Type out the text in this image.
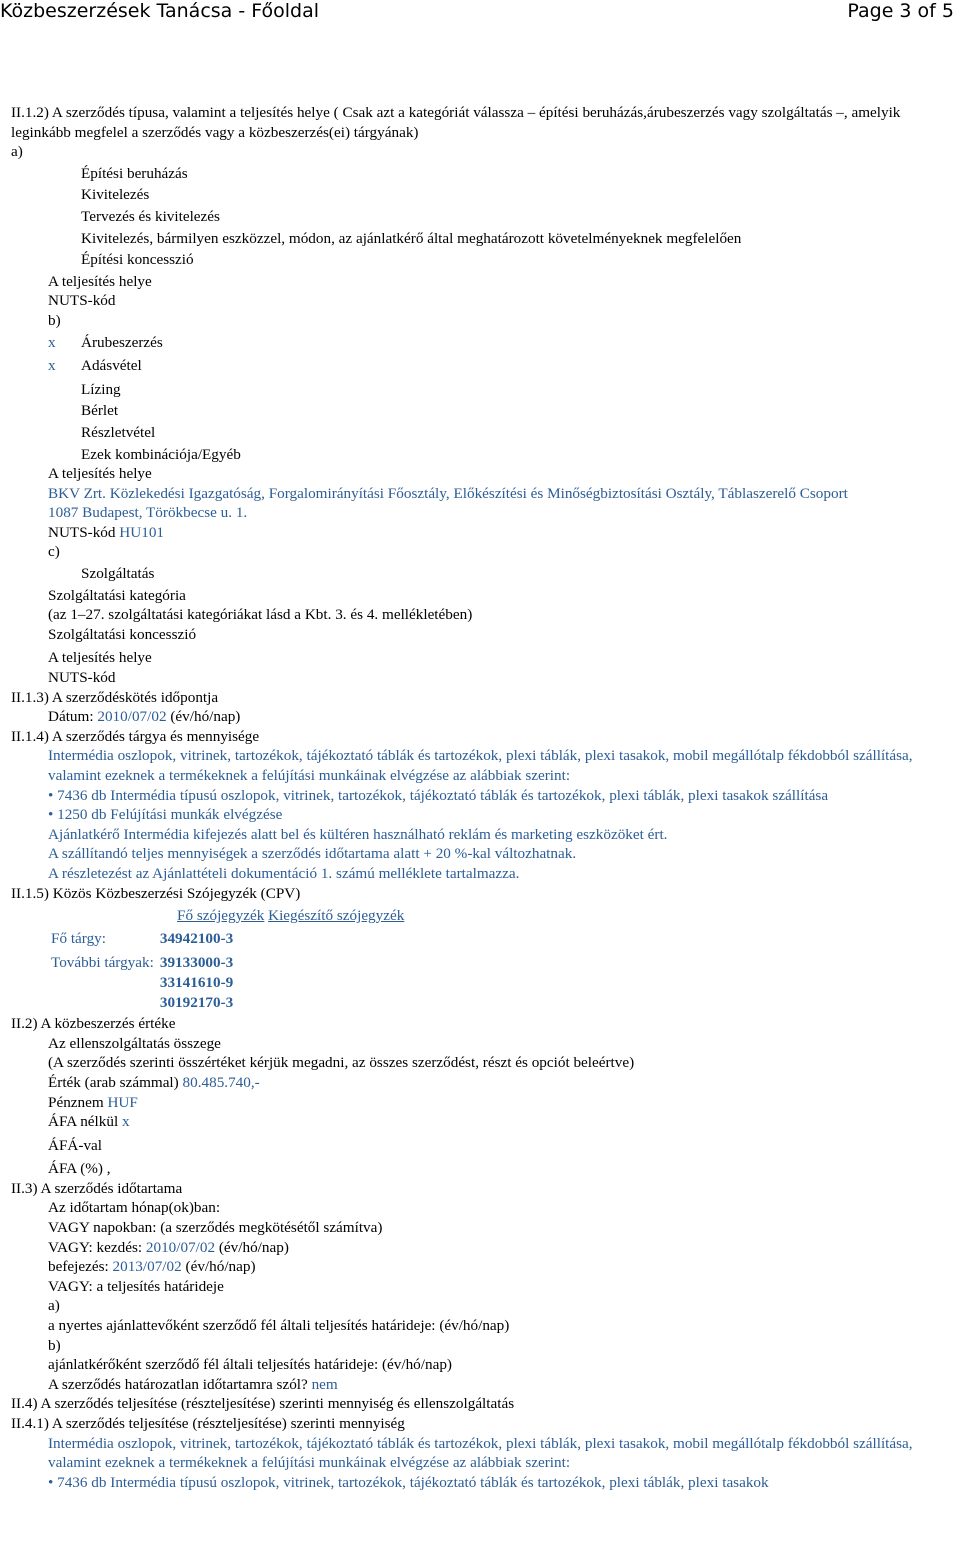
Közbeszerzések Tanácsa - Főoldal	Page 3 of 5
II.1.2) A szerződés típusa, valamint a teljesítés helye ( Csak azt a kategóriát válassza – építési beruházás,árubeszerzés vagy szolgáltatás –, amelyik leginkább megfelel a szerződés vagy a közbeszerzés(ei) tárgyának)
a)
Építési beruházás
Kivitelezés
Tervezés és kivitelezés
Kivitelezés, bármilyen eszközzel, módon, az ajánlatkérő által meghatározott követelményeknek megfelelően
Építési koncesszió
A teljesítés helye
NUTS-kód
b)
x Árubeszerzés
x Adásvétel
Lízing
Bérlet
Részletvétel
Ezek kombinációja/Egyéb
A teljesítés helye
BKV Zrt. Közlekedési Igazgatóság, Forgalomirányítási Főosztály, Előkészítési és Minőségbiztosítási Osztály, Táblaszerelő Csoport
1087 Budapest, Törökbecse u. 1.
NUTS-kód HU101
c)
Szolgáltatás
Szolgáltatási kategória
(az 1–27. szolgáltatási kategóriákat lásd a Kbt. 3. és 4. mellékletében)
Szolgáltatási koncesszió
A teljesítés helye
NUTS-kód
II.1.3) A szerződéskötés időpontja
Dátum: 2010/07/02 (év/hó/nap)
II.1.4) A szerződés tárgya és mennyisége
Intermédia oszlopok, vitrinek, tartozékok, tájékoztató táblák és tartozékok, plexi táblák, plexi tasakok, mobil megállótalp fékdobból szállítása, valamint ezeknek a termékeknek a felújítási munkáinak elvégzése az alábbiak szerint:
• 7436 db Intermédia típusú oszlopok, vitrinek, tartozékok, tájékoztató táblák és tartozékok, plexi táblák, plexi tasakok szállítása
• 1250 db Felújítási munkák elvégzése
Ajánlatkérő Intermédia kifejezés alatt bel és kültéren használható reklám és marketing eszközöket ért.
A szállítandó teljes mennyiségek a szerződés időtartama alatt + 20 %-kal változhatnak.
A részletezést az Ajánlattételi dokumentáció 1. számú melléklete tartalmazza.
II.1.5) Közös Közbeszerzési Szójegyzék (CPV)
Fő szójegyzék Kiegészítő szójegyzék
Fő tárgy:	34942100-3
További tárgyak:	39133000-3
33141610-9
30192170-3
II.2) A közbeszerzés értéke
Az ellenszolgáltatás összege
(A szerződés szerinti összértéket kérjük megadni, az összes szerződést, részt és opciót beleértve)
Érték (arab számmal) 80.485.740,-
Pénznem HUF
ÁFA nélkül x
ÁFÁ-val
ÁFA (%) ,
II.3) A szerződés időtartama
Az időtartam hónap(ok)ban:
VAGY napokban: (a szerződés megkötésétől számítva)
VAGY: kezdés: 2010/07/02 (év/hó/nap)
befejezés: 2013/07/02 (év/hó/nap)
VAGY: a teljesítés határideje
a)
a nyertes ajánlattevőként szerződő fél általi teljesítés határideje: (év/hó/nap)
b)
ajánlatkérőként szerződő fél általi teljesítés határideje: (év/hó/nap)
A szerződés határozatlan időtartamra szól? nem
II.4) A szerződés teljesítése (részteljesítése) szerinti mennyiség és ellenszolgáltatás
II.4.1) A szerződés teljesítése (részteljesítése) szerinti mennyiség
Intermédia oszlopok, vitrinek, tartozékok, tájékoztató táblák és tartozékok, plexi táblák, plexi tasakok, mobil megállótalp fékdobból szállítása, valamint ezeknek a termékeknek a felújítási munkáinak elvégzése az alábbiak szerint:
• 7436 db Intermédia típusú oszlopok, vitrinek, tartozékok, tájékoztató táblák és tartozékok, plexi táblák, plexi tasakok
